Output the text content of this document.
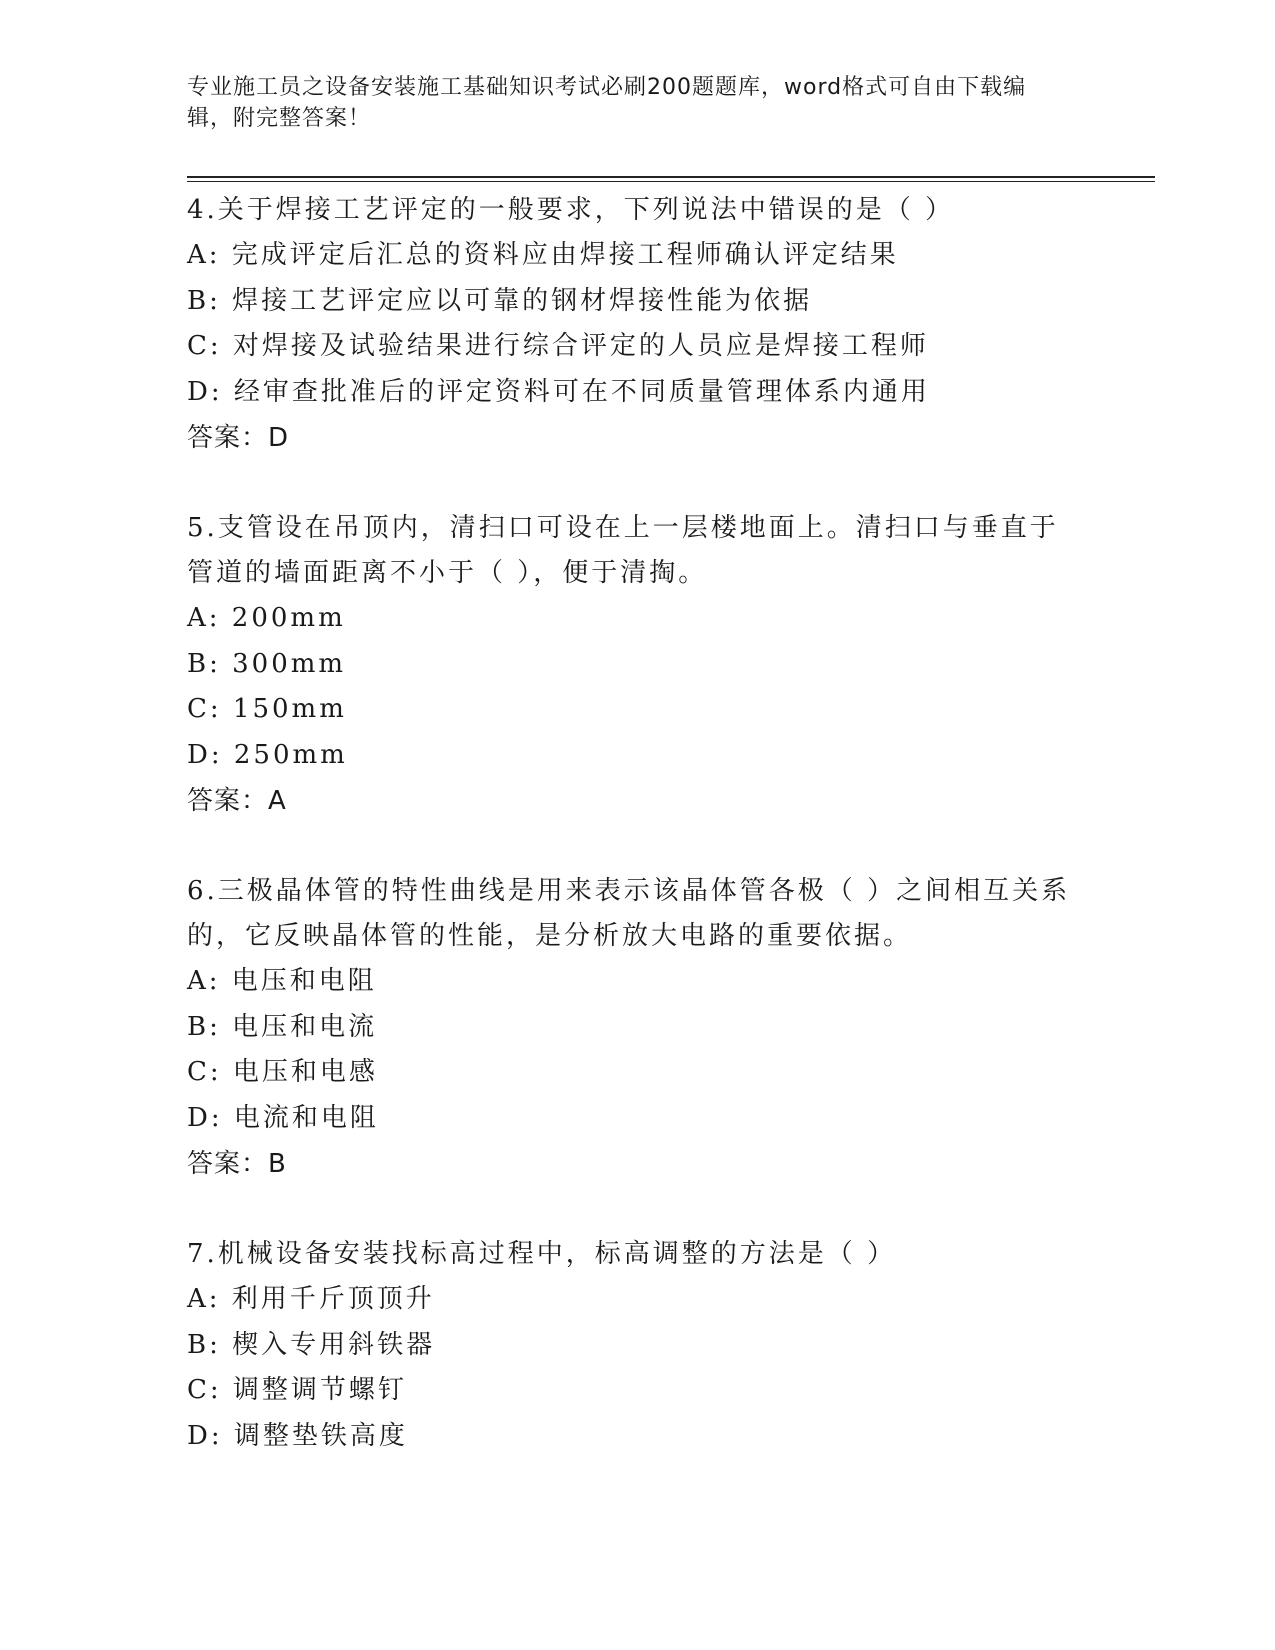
专业施工员之设备安装施工基础知识考试必刷200题题库，word格式可自由下载编辑，附完整答案！
4.关于焊接工艺评定的一般要求，下列说法中错误的是（ ）
A: 完成评定后汇总的资料应由焊接工程师确认评定结果
B: 焊接工艺评定应以可靠的钢材焊接性能为依据
C: 对焊接及试验结果进行综合评定的人员应是焊接工程师
D: 经审查批准后的评定资料可在不同质量管理体系内通用
答案：D
5.支管设在吊顶内，清扫口可设在上一层楼地面上。清扫口与垂直于管道的墙面距离不小于（ ），便于清掏。
A: 200mm
B: 300mm
C: 150mm
D: 250mm
答案：A
6.三极晶体管的特性曲线是用来表示该晶体管各极（ ）之间相互关系的，它反映晶体管的性能，是分析放大电路的重要依据。
A: 电压和电阻
B: 电压和电流
C: 电压和电感
D: 电流和电阻
答案：B
7.机械设备安装找标高过程中，标高调整的方法是（ ）
A: 利用千斤顶顶升
B: 楔入专用斜铁器
C: 调整调节螺钉
D: 调整垫铁高度
